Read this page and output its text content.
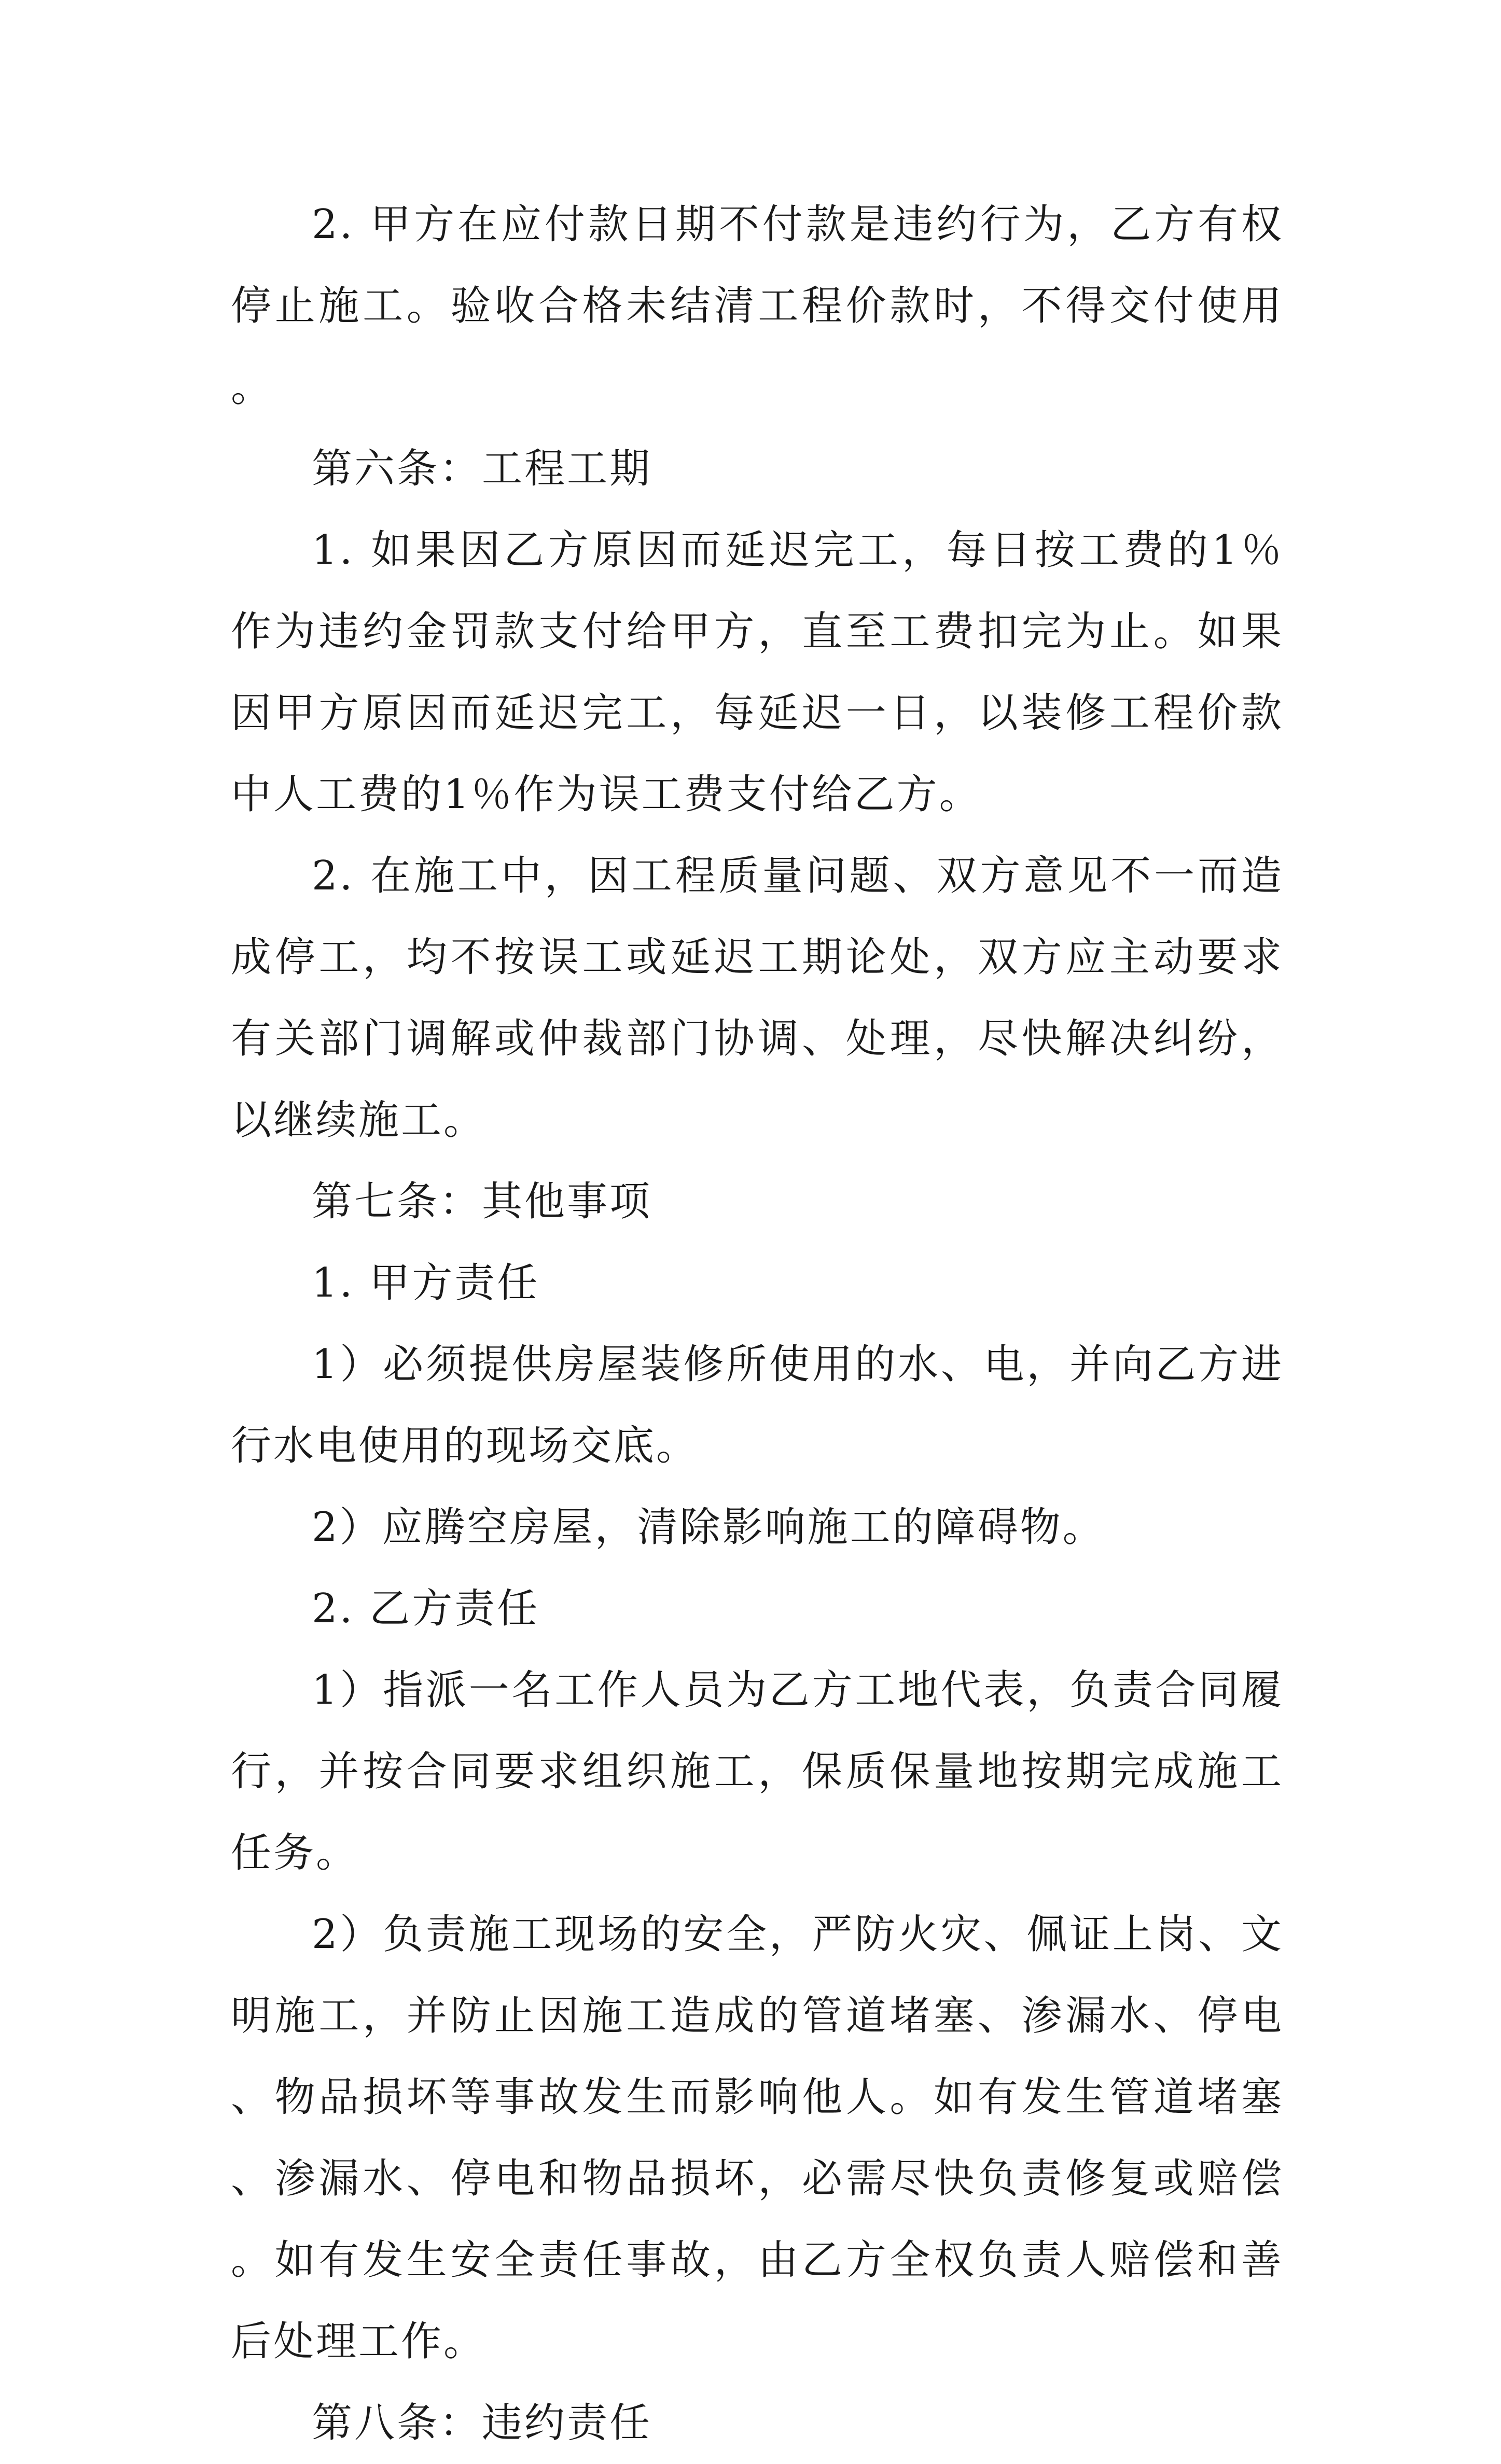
2. 甲方在应付款日期不付款是违约行为，乙方有权停止施工。验收合格未结清工程价款时，不得交付使用。

第六条：工程工期

1. 如果因乙方原因而延迟完工，每日按工费的1％作为违约金罚款支付给甲方，直至工费扣完为止。如果因甲方原因而延迟完工，每延迟一日，以装修工程价款中人工费的1％作为误工费支付给乙方。

2. 在施工中，因工程质量问题、双方意见不一而造成停工，均不按误工或延迟工期论处，双方应主动要求有关部门调解或仲裁部门协调、处理，尽快解决纠纷，以继续施工。

第七条：其他事项

1. 甲方责任

1）必须提供房屋装修所使用的水、电，并向乙方进行水电使用的现场交底。

2）应腾空房屋，清除影响施工的障碍物。

2. 乙方责任

1）指派一名工作人员为乙方工地代表，负责合同履行，并按合同要求组织施工，保质保量地按期完成施工任务。

2）负责施工现场的安全，严防火灾、佩证上岗、文明施工，并防止因施工造成的管道堵塞、渗漏水、停电、物品损坏等事故发生而影响他人。如有发生管道堵塞、渗漏水、停电和物品损坏，必需尽快负责修复或赔偿。如有发生安全责任事故，由乙方全权负责人赔偿和善后处理工作。

第八条：违约责任
